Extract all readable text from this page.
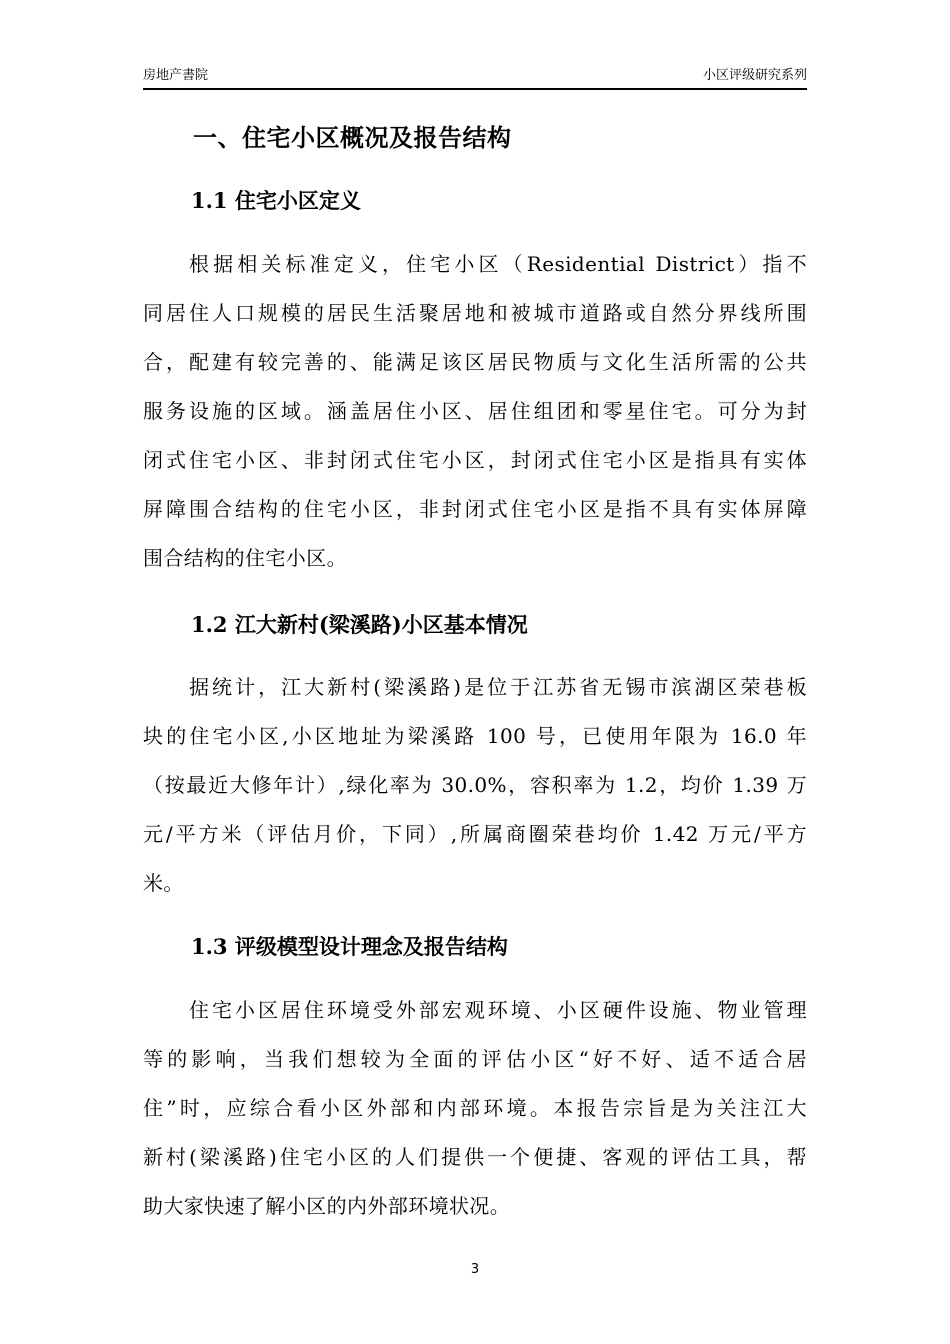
房地产書院	小区评级研究系列
一、住宅小区概况及报告结构
1.1 住宅小区定义
根据相关标准定义，住宅小区（Residential District）指不
同居住人口规模的居民生活聚居地和被城市道路或自然分界线所围
合，配建有较完善的、能满足该区居民物质与文化生活所需的公共
服务设施的区域。涵盖居住小区、居住组团和零星住宅。可分为封
闭式住宅小区、非封闭式住宅小区，封闭式住宅小区是指具有实体
屏障围合结构的住宅小区，非封闭式住宅小区是指不具有实体屏障
围合结构的住宅小区。
1.2 江大新村(梁溪路)小区基本情况
据统计，江大新村(梁溪路)是位于江苏省无锡市滨湖区荣巷板
块的住宅小区,小区地址为梁溪路 100 号，已使用年限为 16.0 年
（按最近大修年计）,绿化率为 30.0%，容积率为 1.2，均价 1.39 万
元/平方米（评估月价，下同）,所属商圈荣巷均价 1.42 万元/平方
米。
1.3 评级模型设计理念及报告结构
住宅小区居住环境受外部宏观环境、小区硬件设施、物业管理
等的影响，当我们想较为全面的评估小区“好不好、适不适合居
住”时，应综合看小区外部和内部环境。本报告宗旨是为关注江大
新村(梁溪路)住宅小区的人们提供一个便捷、客观的评估工具，帮
助大家快速了解小区的内外部环境状况。
3
